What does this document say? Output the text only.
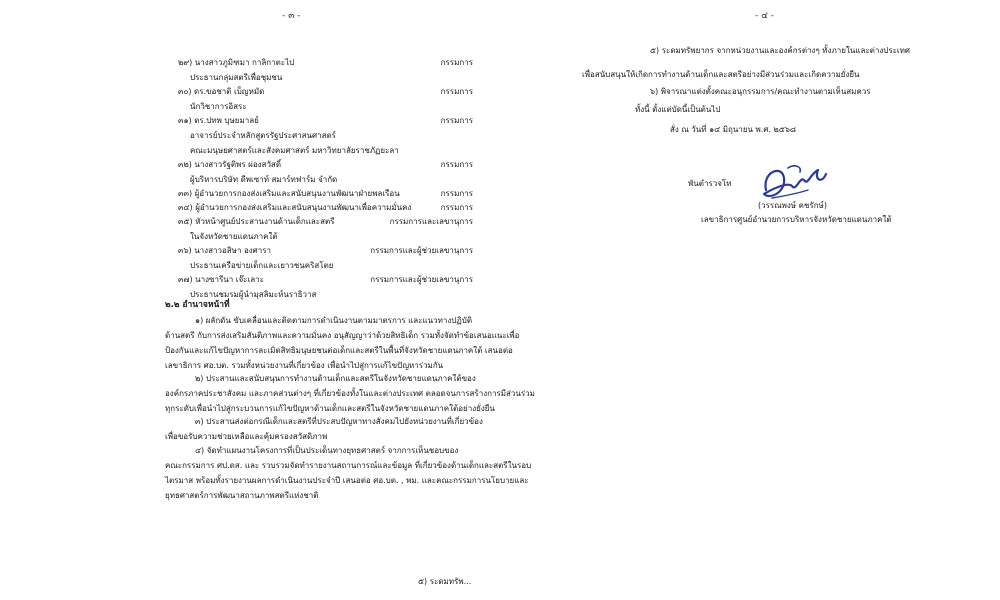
- ๓ -
๒๙) นางสาวภูมิฑมา กาลิกาตะไป	กรรมการ
ประธานกลุ่มสตรีเพื่อชุมชน
๓๐) ดร.ขอชาติ เบ็ญหมัด	กรรมการ
นักวิชาการอิสระ
๓๑) ดร.ปทพ บุษยมาลย์	กรรมการ
อาจารย์ประจำหลักสูตรรัฐประศาสนศาสตร์
คณะมนุษยศาสตร์และสังคมศาสตร์ มหาวิทยาลัยราชภัฏยะลา
๓๒) นางสาวรัฐติพร ผ่องสวัสดิ์	กรรมการ
ผู้บริหารบริษัท ดีพเซาท์ สมาร์ทฟาร์ม จำกัด
๓๓) ผู้อำนวยการกองส่งเสริมและสนับสนุนงานพัฒนาฝ่ายพลเรือน	กรรมการ
๓๔) ผู้อำนวยการกองส่งเสริมและสนับสนุนงานพัฒนาเพื่อความมั่นคง	กรรมการ
๓๕) หัวหน้าศูนย์ประสานงานด้านเด็กและสตรี	กรรมการและเลขานุการ
ในจังหวัดชายแดนภาคใต้
๓๖) นางสาวอสิษา องศารา	กรรมการและผู้ช่วยเลขานุการ
ประธานเครือข่ายเด็กและเยาวชนคริสโตย
๓๗) นางซารีนา เจ๊ะเลาะ	กรรมการและผู้ช่วยเลขานุการ
ประธานชมรมผู้นำมุสลิมะห์นราธิวาส
๒.๒ อำนาจหน้าที่
๑) ผลักดัน ขับเคลื่อนและติดตามการดำเนินงานตามมาตรการ และแนวทางปฏิบัติ
ด้านสตรี กับการส่งเสริมสันติภาพและความมั่นคง อนุสัญญาว่าด้วยสิทธิเด็ก รวมทั้งจัดทำข้อเสนอแนะเพื่อ
ป้องกันและแก้ไขปัญหาการละเมิดสิทธิมนุษยชนต่อเด็กและสตรีในพื้นที่จังหวัดชายแดนภาคใต้ เสนอต่อ
เลขาธิการ ศอ.บต. รวมทั้งหน่วยงานที่เกี่ยวข้อง เพื่อนำไปสู่การแก้ไขปัญหาร่วมกัน
๒) ประสานและสนับสนุนการทำงานด้านเด็กและสตรีในจังหวัดชายแดนภาคใต้ของ
องค์กรภาคประชาสังคม และภาคส่วนต่างๆ ที่เกี่ยวข้องทั้งในและต่างประเทศ ตลอดจนการสร้างการมีส่วนร่วม
ทุกระดับเพื่อนำไปสู่กระบวนการแก้ไขปัญหาด้านเด็กและสตรีในจังหวัดชายแดนภาคใต้อย่างยั่งยืน
๓) ประสานส่งต่อกรณีเด็กและสตรีที่ประสบปัญหาทางสังคมไปยังหน่วยงานที่เกี่ยวข้อง
เพื่อขอรับความช่วยเหลือและคุ้มครองสวัสดิภาพ
๔) จัดทำแผนงานโครงการที่เป็นประเด็นทางยุทธศาสตร์ จากการเห็นชอบของ
คณะกรรมการ ศป.ดส. และ รวบรวมจัดทำรายงานสถานการณ์และข้อมูล ที่เกี่ยวข้องด้านเด็กและสตรีในรอบ
ไตรมาส พร้อมทั้งรายงานผลการดำเนินงานประจำปี เสนอต่อ ศอ.บต. , พม. และคณะกรรมการนโยบายและ
ยุทธศาสตร์การพัฒนาสถานภาพสตรีแห่งชาติ
๕) ระดมทรัพ...
- ๔ -
๕) ระดมทรัพยากร จากหน่วยงานและองค์กรต่างๆ ทั้งภายในและต่างประเทศ
เพื่อสนับสนุนให้เกิดการทำงานด้านเด็กและสตรีอย่างมีส่วนร่วมและเกิดความยั่งยืน
๖) พิจารณาแต่งตั้งคณะอนุกรรมการ/คณะทำงานตามเห็นสมควร
ทั้งนี้ ตั้งแต่บัดนี้เป็นต้นไป
สั่ง ณ วันที่ ๑๔ มิถุนายน พ.ศ. ๒๕๖๘
พันตำรวจโท
(วรรณพงษ์ คชรักษ์)
เลขาธิการศูนย์อำนวยการบริหารจังหวัดชายแดนภาคใต้
